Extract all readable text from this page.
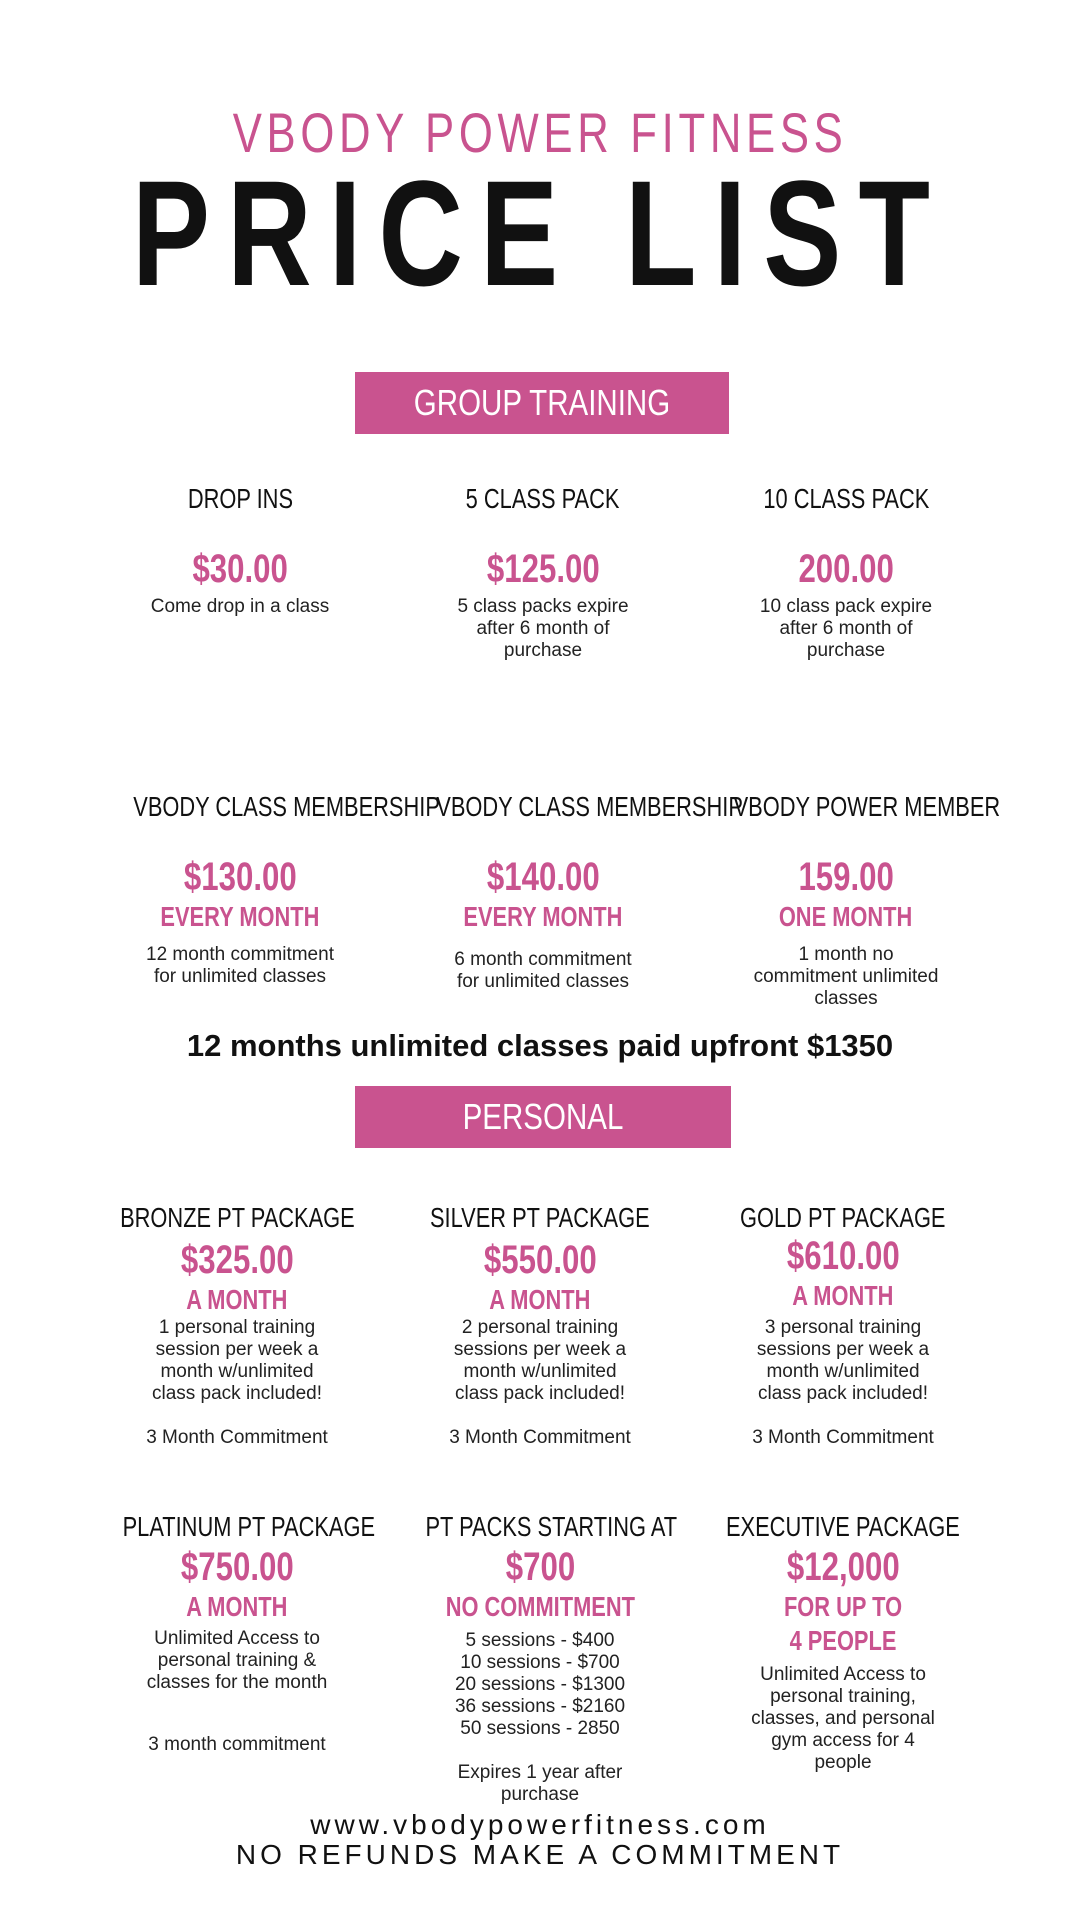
VBODY POWER FITNESS
PRICE LIST
GROUP TRAINING RATES
DROP INS
$30.00
Come drop in a class
5 CLASS PACK
$125.00
5 class packs expire
after 6 month of
purchase
10 CLASS PACK
200.00
10 class pack expire
after 6 month of
purchase
VBODY CLASS MEMBERSHIP
$130.00
EVERY MONTH
12 month commitment
for unlimited classes
VBODY CLASS MEMBERSHIP
$140.00
EVERY MONTH
6 month commitment
for unlimited classes
VBODY POWER MEMBER
159.00
ONE MONTH
1 month no
commitment unlimited
classes
12 months unlimited classes paid upfront $1350
PERSONAL TRAINING RATES
BRONZE PT PACKAGE
$325.00
A MONTH
1 personal training
session per week a
month w/unlimited
class pack included!
3 Month Commitment
SILVER PT PACKAGE
$550.00
A MONTH
2 personal training
sessions per week a
month w/unlimited
class pack included!
3 Month Commitment
GOLD PT PACKAGE
$610.00
A MONTH
3 personal training
sessions per week a
month w/unlimited
class pack included!
3 Month Commitment
PLATINUM PT PACKAGE
$750.00
A MONTH
Unlimited Access to
personal training &
classes for the month
3 month commitment
PT PACKS STARTING AT
$700
NO COMMITMENT
5 sessions - $400
10 sessions - $700
20 sessions - $1300
36 sessions - $2160
50 sessions - 2850
Expires 1 year after purchase
EXECUTIVE PACKAGE
$12,000
FOR UP TO 4 PEOPLE
Unlimited Access to
personal training,
classes, and personal
gym access for 4
people
www.vbodypowerfitness.com
NO REFUNDS MAKE A COMMITMENT
